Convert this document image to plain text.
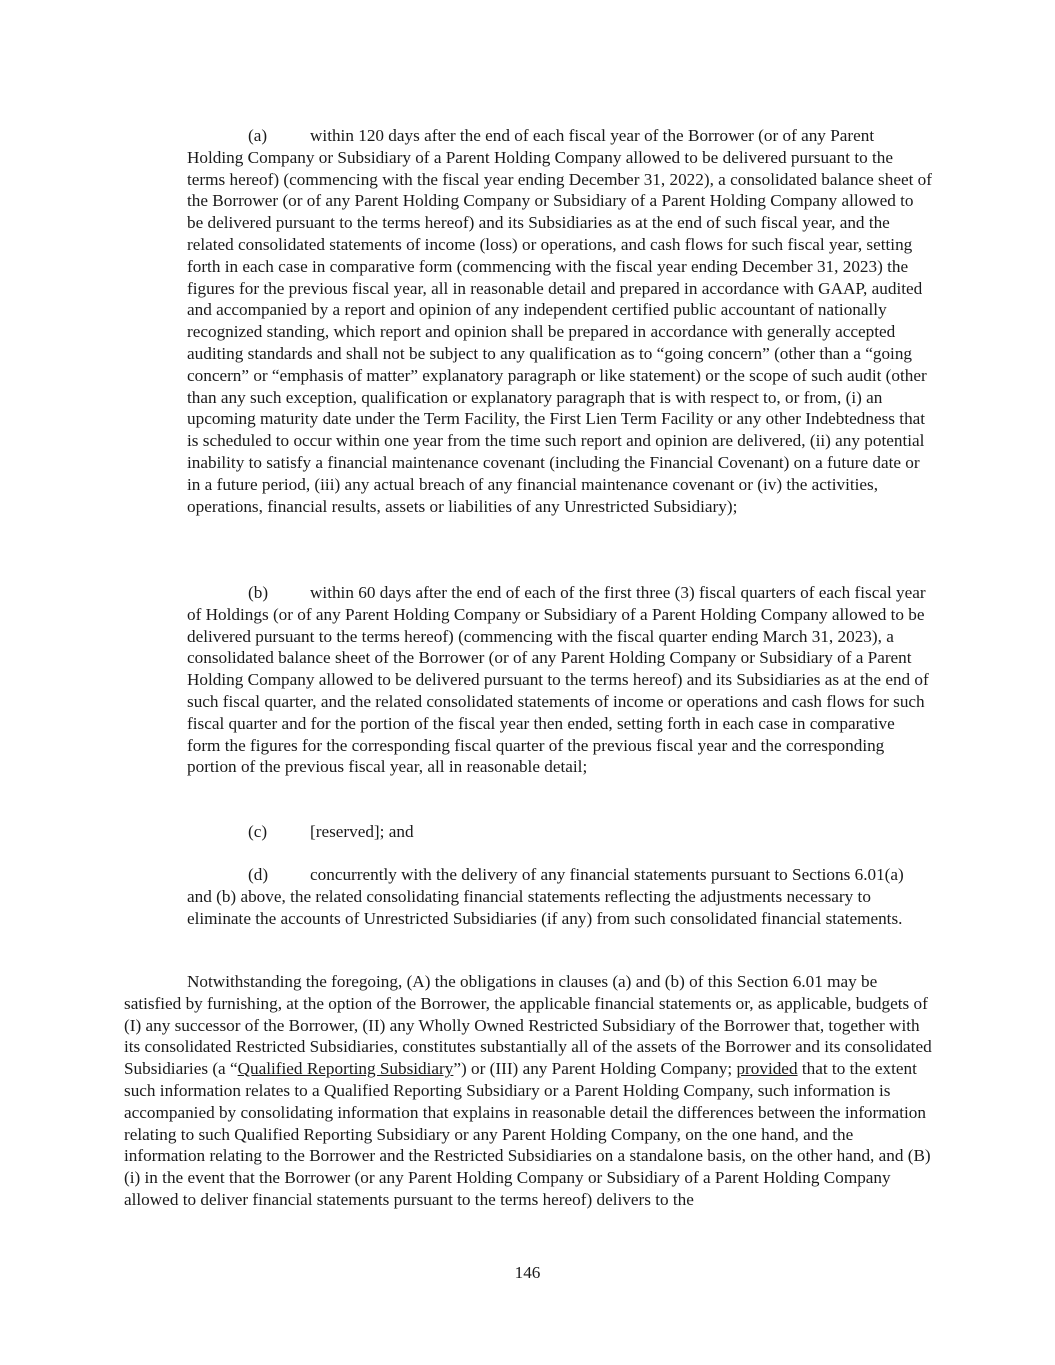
(a) within 120 days after the end of each fiscal year of the Borrower (or of any Parent Holding Company or Subsidiary of a Parent Holding Company allowed to be delivered pursuant to the terms hereof) (commencing with the fiscal year ending December 31, 2022), a consolidated balance sheet of the Borrower (or of any Parent Holding Company or Subsidiary of a Parent Holding Company allowed to be delivered pursuant to the terms hereof) and its Subsidiaries as at the end of such fiscal year, and the related consolidated statements of income (loss) or operations, and cash flows for such fiscal year, setting forth in each case in comparative form (commencing with the fiscal year ending December 31, 2023) the figures for the previous fiscal year, all in reasonable detail and prepared in accordance with GAAP, audited and accompanied by a report and opinion of any independent certified public accountant of nationally recognized standing, which report and opinion shall be prepared in accordance with generally accepted auditing standards and shall not be subject to any qualification as to “going concern” (other than a “going concern” or “emphasis of matter” explanatory paragraph or like statement) or the scope of such audit (other than any such exception, qualification or explanatory paragraph that is with respect to, or from, (i) an upcoming maturity date under the Term Facility, the First Lien Term Facility or any other Indebtedness that is scheduled to occur within one year from the time such report and opinion are delivered, (ii) any potential inability to satisfy a financial maintenance covenant (including the Financial Covenant) on a future date or in a future period, (iii) any actual breach of any financial maintenance covenant or (iv) the activities, operations, financial results, assets or liabilities of any Unrestricted Subsidiary);

(b) within 60 days after the end of each of the first three (3) fiscal quarters of each fiscal year of Holdings (or of any Parent Holding Company or Subsidiary of a Parent Holding Company allowed to be delivered pursuant to the terms hereof) (commencing with the fiscal quarter ending March 31, 2023), a consolidated balance sheet of the Borrower (or of any Parent Holding Company or Subsidiary of a Parent Holding Company allowed to be delivered pursuant to the terms hereof) and its Subsidiaries as at the end of such fiscal quarter, and the related consolidated statements of income or operations and cash flows for such fiscal quarter and for the portion of the fiscal year then ended, setting forth in each case in comparative form the figures for the corresponding fiscal quarter of the previous fiscal year and the corresponding portion of the previous fiscal year, all in reasonable detail;

(c) [reserved]; and

(d) concurrently with the delivery of any financial statements pursuant to Sections 6.01(a) and (b) above, the related consolidating financial statements reflecting the adjustments necessary to eliminate the accounts of Unrestricted Subsidiaries (if any) from such consolidated financial statements.

Notwithstanding the foregoing, (A) the obligations in clauses (a) and (b) of this Section 6.01 may be satisfied by furnishing, at the option of the Borrower, the applicable financial statements or, as applicable, budgets of (I) any successor of the Borrower, (II) any Wholly Owned Restricted Subsidiary of the Borrower that, together with its consolidated Restricted Subsidiaries, constitutes substantially all of the assets of the Borrower and its consolidated Subsidiaries (a “Qualified Reporting Subsidiary”) or (III) any Parent Holding Company; provided that to the extent such information relates to a Qualified Reporting Subsidiary or a Parent Holding Company, such information is accompanied by consolidating information that explains in reasonable detail the differences between the information relating to such Qualified Reporting Subsidiary or any Parent Holding Company, on the one hand, and the information relating to the Borrower and the Restricted Subsidiaries on a standalone basis, on the other hand, and (B) (i) in the event that the Borrower (or any Parent Holding Company or Subsidiary of a Parent Holding Company allowed to deliver financial statements pursuant to the terms hereof) delivers to the

146
